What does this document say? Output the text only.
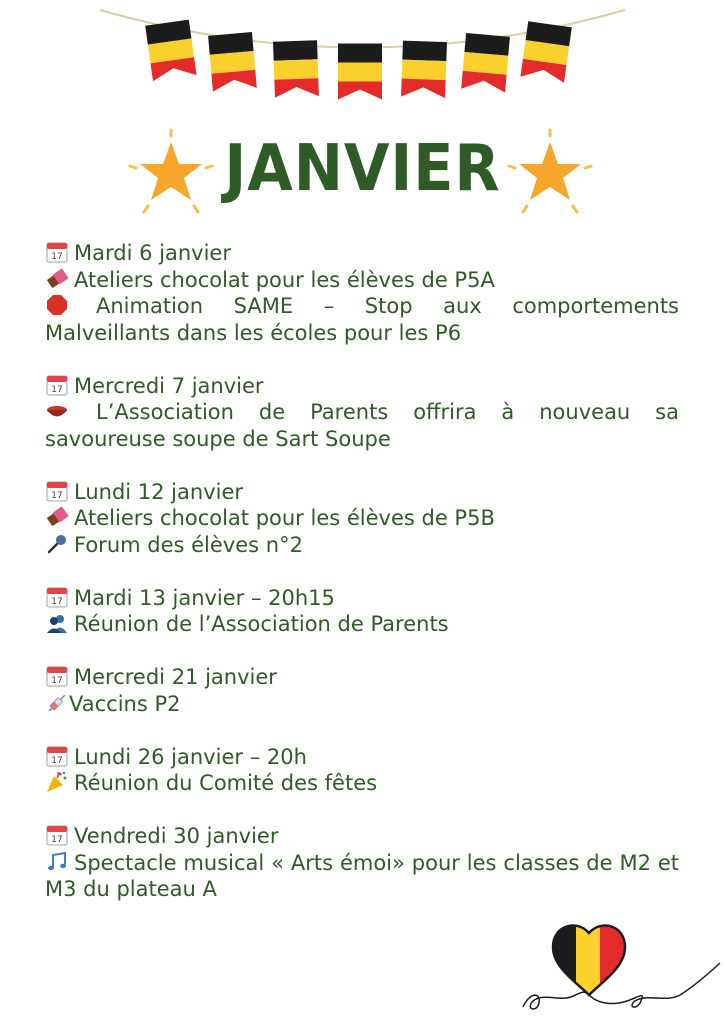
JANVIER
17 Mardi 6 janvier
Ateliers chocolat pour les élèves de P5A
Animation SAME – Stop aux comportements Malveillants dans les écoles pour les P6
17 Mercredi 7 janvier
L’Association de Parents offrira à nouveau sa savoureuse soupe de Sart Soupe
17 Lundi 12 janvier
Ateliers chocolat pour les élèves de P5B
Forum des élèves n°2
17 Mardi 13 janvier – 20h15
Réunion de l’Association de Parents
17 Mercredi 21 janvier
Vaccins P2
17 Lundi 26 janvier – 20h
Réunion du Comité des fêtes
17 Vendredi 30 janvier
Spectacle musical « Arts émoi» pour les classes de M2 et M3 du plateau A
